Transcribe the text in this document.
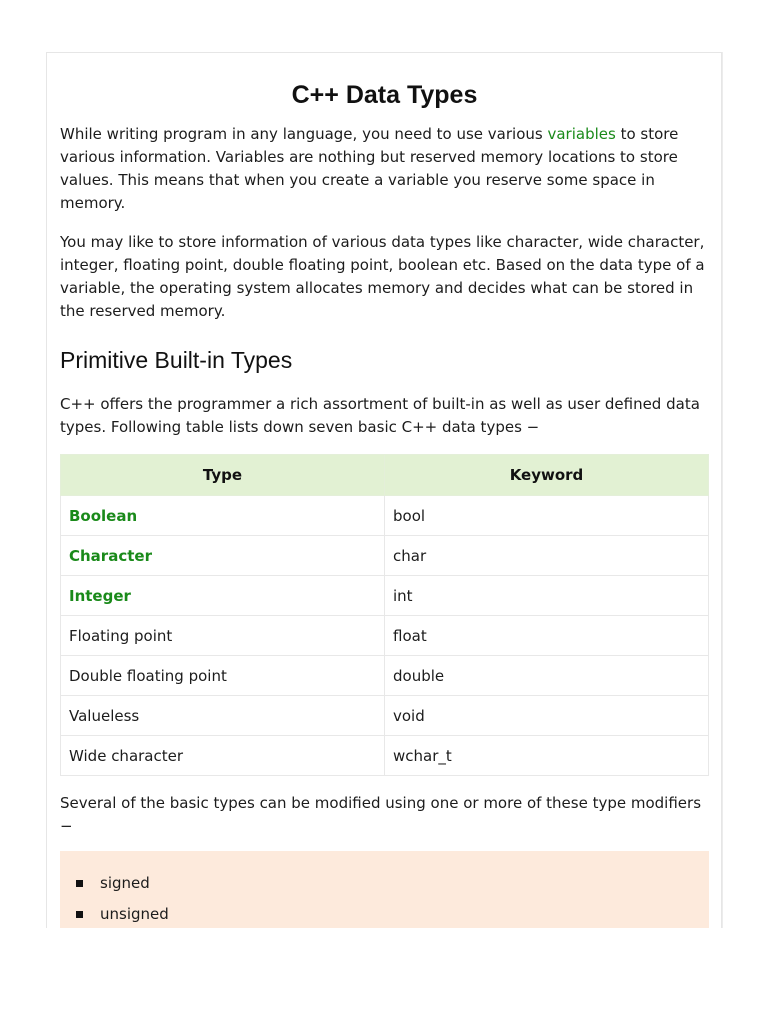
C++ Data Types

While writing program in any language, you need to use various variables to store various information. Variables are nothing but reserved memory locations to store values. This means that when you create a variable you reserve some space in memory.

You may like to store information of various data types like character, wide character, integer, floating point, double floating point, boolean etc. Based on the data type of a variable, the operating system allocates memory and decides what can be stored in the reserved memory.

Primitive Built-in Types

C++ offers the programmer a rich assortment of built-in as well as user defined data types. Following table lists down seven basic C++ data types −

Type	Keyword
Boolean	bool
Character	char
Integer	int
Floating point	float
Double floating point	double
Valueless	void
Wide character	wchar_t

Several of the basic types can be modified using one or more of these type modifiers −

signed
unsigned
